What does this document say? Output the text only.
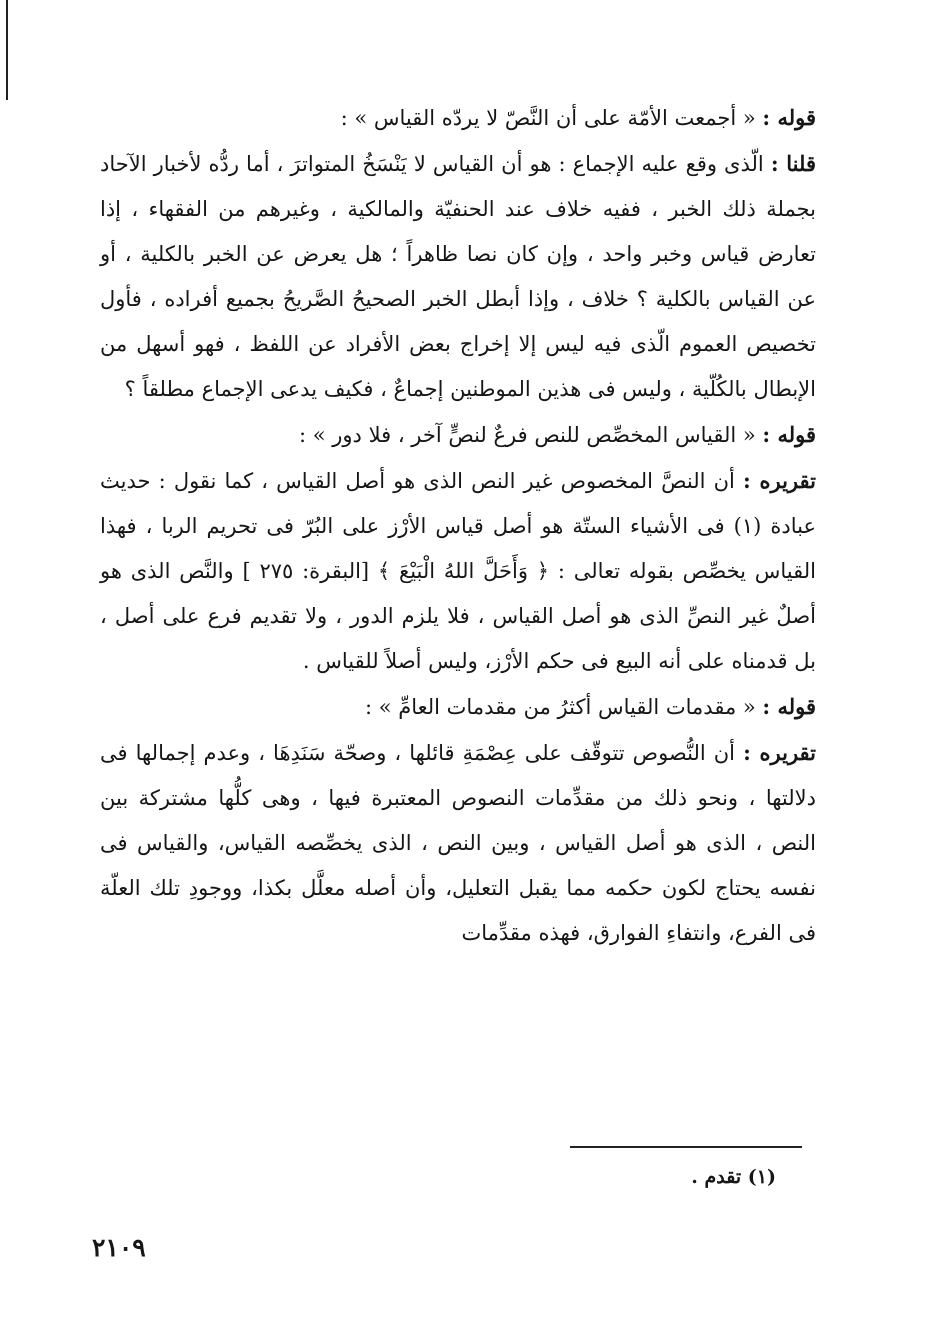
قوله : « أجمعت الأمّة على أن النَّصّ لا يردّه القياس » :

قلنا : الّذى وقع عليه الإجماع : هو أن القياس لا يَنْسَخُ المتواترَ ، أما ردُّه لأخبار الآحاد بجملة ذلك الخبر ، ففيه خلاف عند الحنفيّة والمالكية ، وغيرهم من الفقهاء ، إذا تعارض قياس وخبر واحد ، وإن كان نصا ظاهراً ؛ هل يعرض عن الخبر بالكلية ، أو عن القياس بالكلية ؟ خلاف ، وإذا أبطل الخبر الصحيحُ الصَّريحُ بجميع أفراده ، فأول تخصيص العموم الّذى فيه ليس إلا إخراج بعض الأفراد عن اللفظ ، فهو أسهل من الإبطال بالكُلّية ، وليس فى هذين الموطنين إجماعٌ ، فكيف يدعى الإجماع مطلقاً ؟

قوله : « القياس المخصِّص للنص فرعٌ لنصٍّ آخر ، فلا دور » :

تقريره : أن النصَّ المخصوص غير النص الذى هو أصل القياس ، كما نقول : حديث عبادة (١) فى الأشياء الستّة هو أصل قياس الأرْز على البُرّ فى تحريم الربا ، فهذا القياس يخصِّص بقوله تعالى : ﴿ وَأَحَلَّ اللهُ الْبَيْعَ ﴾ [البقرة: ٢٧٥ ] والنَّص الذى هو أصلٌ غير النصِّ الذى هو أصل القياس ، فلا يلزم الدور ، ولا تقديم فرع على أصل ، بل قدمناه على أنه البيع فى حكم الأرْز، وليس أصلاً للقياس .

قوله : « مقدمات القياس أكثرُ من مقدمات العامِّ » :

تقريره : أن النُّصوص تتوقّف على عِصْمَةِ قائلها ، وصحّة سَنَدِهَا ، وعدم إجمالها فى دلالتها ، ونحو ذلك من مقدِّمات النصوص المعتبرة فيها ، وهى كلُّها مشتركة بين النص ، الذى هو أصل القياس ، وبين النص ، الذى يخصِّصه القياس، والقياس فى نفسه يحتاج لكون حكمه مما يقبل التعليل، وأن أصله معلَّل بكذا، ووجودِ تلك العلّة فى الفرع، وانتفاءِ الفوارق، فهذه مقدِّمات

(١) تقدم .
٢١٠٩
